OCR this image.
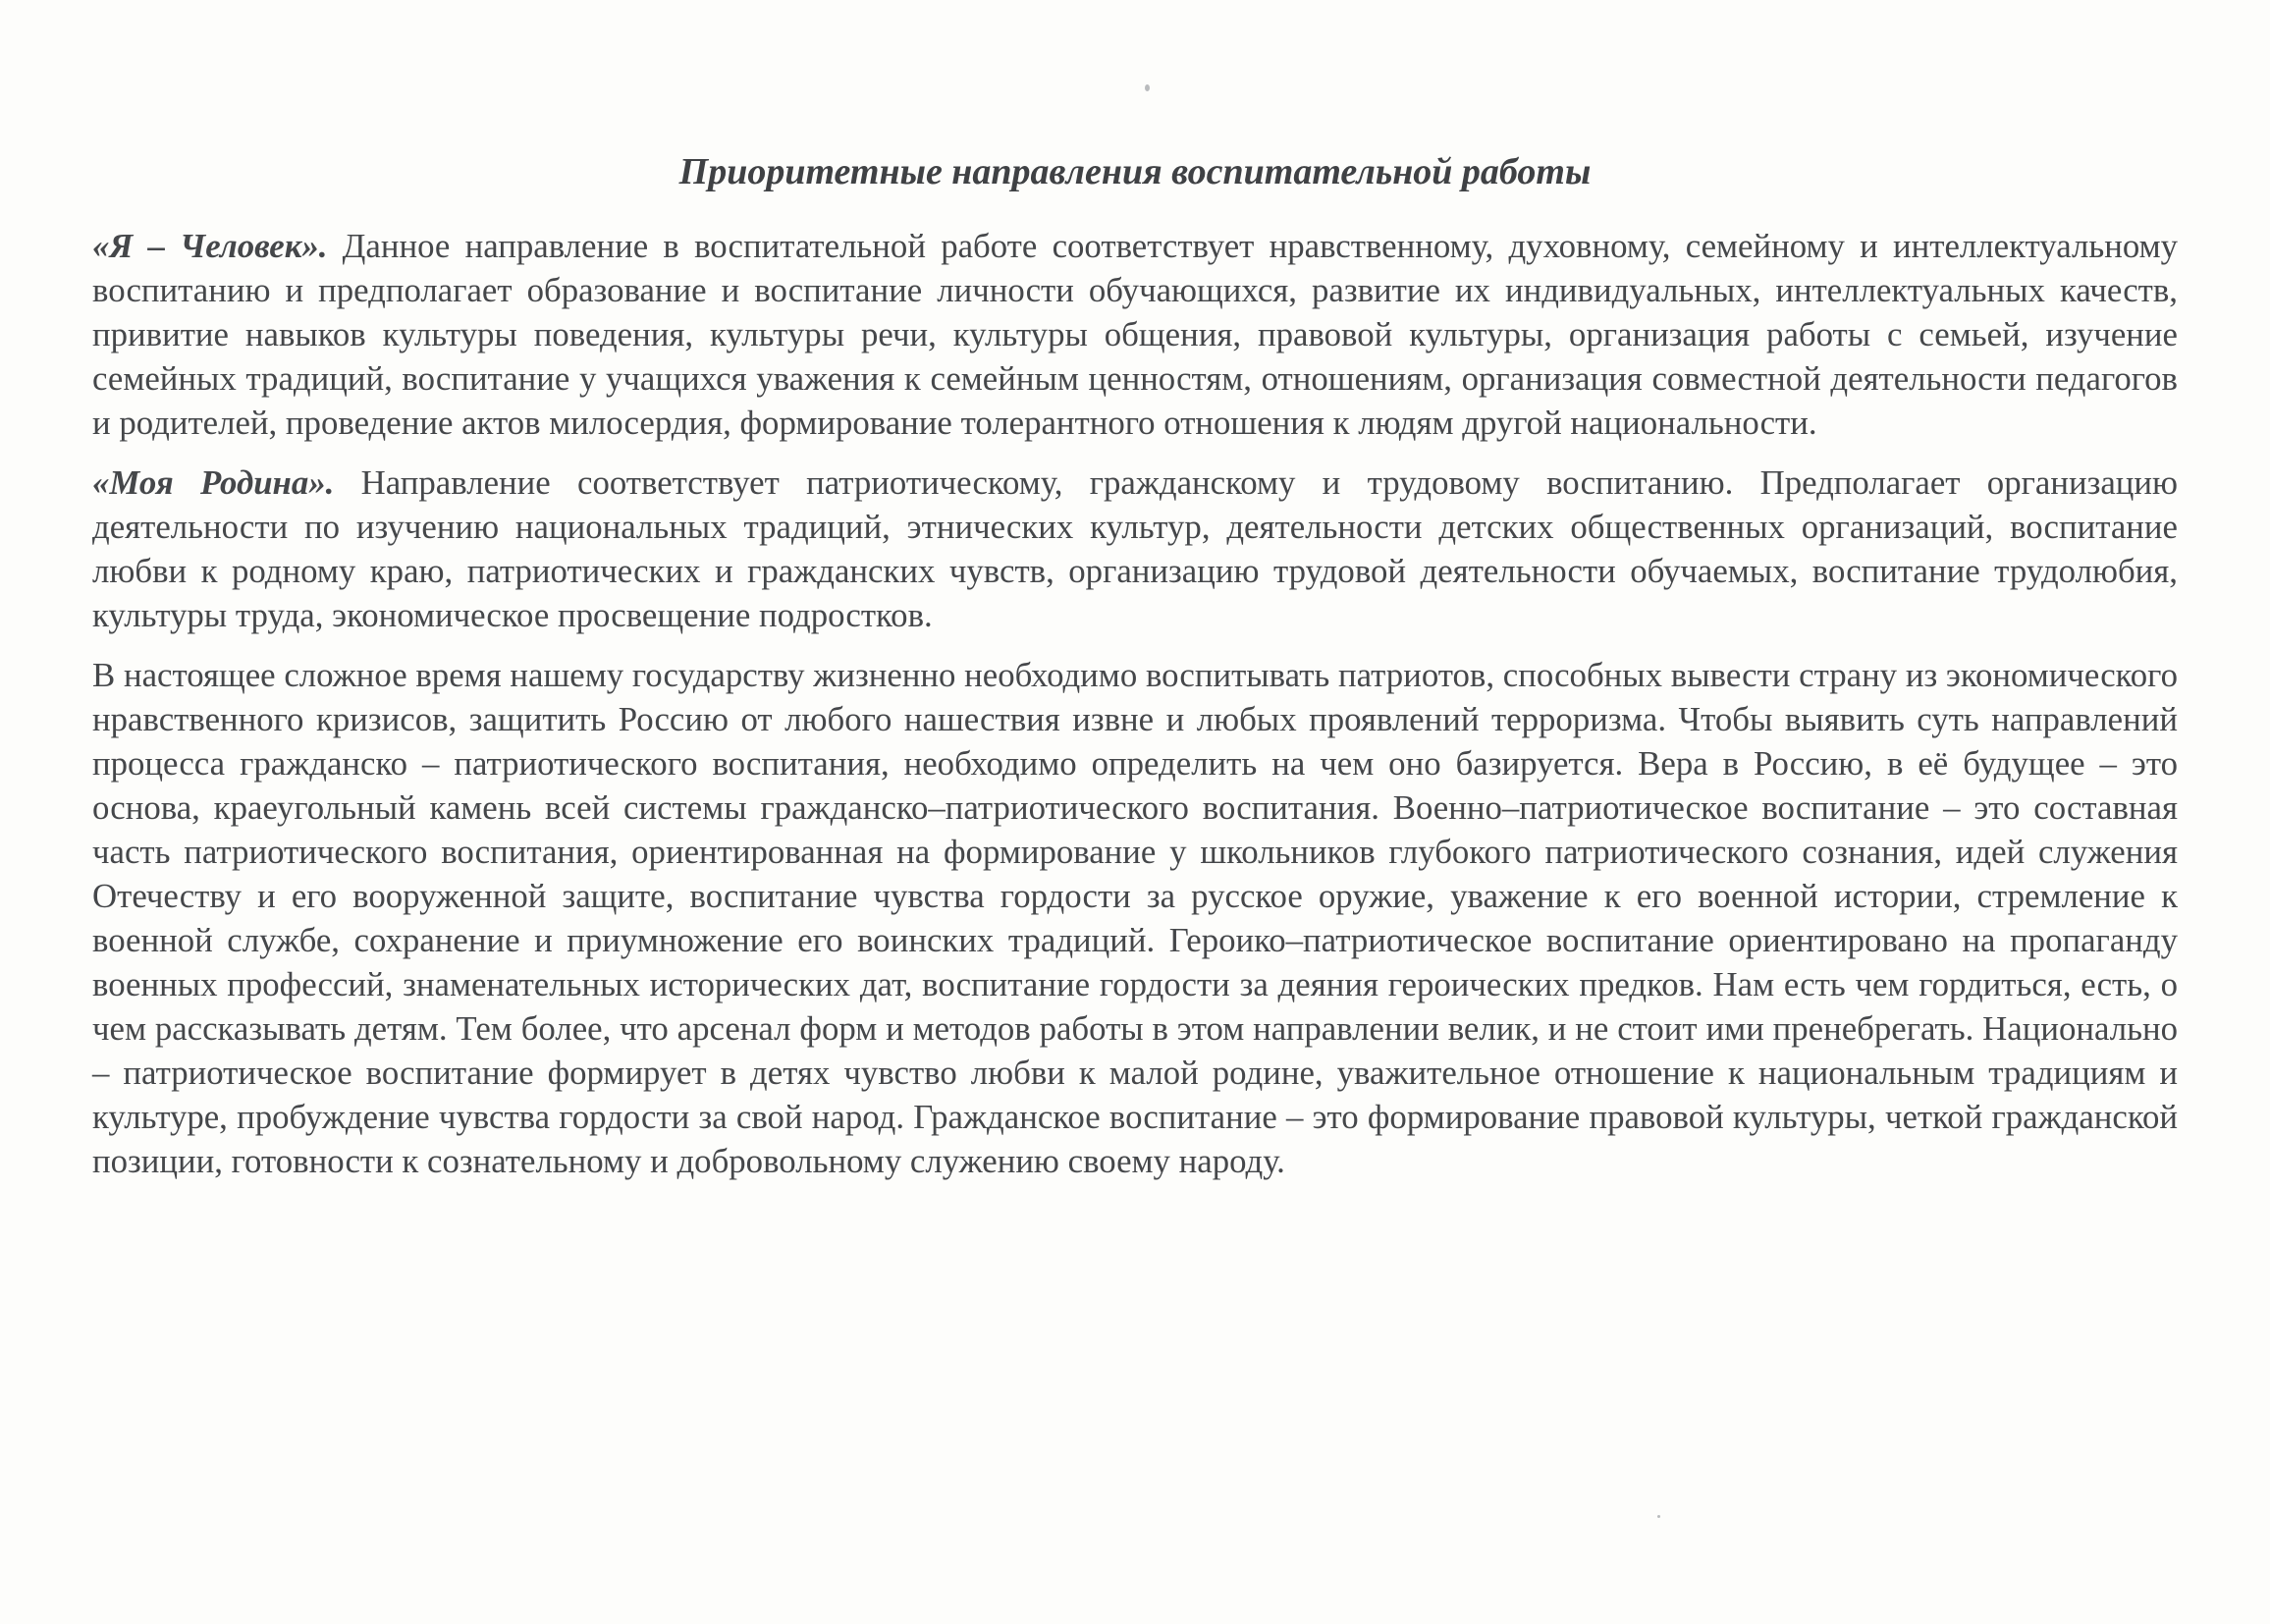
Приоритетные направления воспитательной работы

«Я – Человек». Данное направление в воспитательной работе соответствует нравственному, духовному, семейному и интеллектуальному воспитанию и предполагает образование и воспитание личности обучающихся, развитие их индивидуальных, интеллектуальных качеств, привитие навыков культуры поведения, культуры речи, культуры общения, правовой культуры, организация работы с семьей, изучение семейных традиций, воспитание у учащихся уважения к семейным ценностям, отношениям, организация совместной деятельности педагогов и родителей, проведение актов милосердия, формирование толерантного отношения к людям другой национальности.

«Моя Родина». Направление соответствует патриотическому, гражданскому и трудовому воспитанию. Предполагает организацию деятельности по изучению национальных традиций, этнических культур, деятельности детских общественных организаций, воспитание любви к родному краю, патриотических и гражданских чувств, организацию трудовой деятельности обучаемых, воспитание трудолюбия, культуры труда, экономическое просвещение подростков.

В настоящее сложное время нашему государству жизненно необходимо воспитывать патриотов, способных вывести страну из экономического нравственного кризисов, защитить Россию от любого нашествия извне и любых проявлений терроризма. Чтобы выявить суть направлений процесса гражданско – патриотического воспитания, необходимо определить на чем оно базируется. Вера в Россию, в её будущее – это основа, краеугольный камень всей системы гражданско–патриотического воспитания. Военно–патриотическое воспитание – это составная часть патриотического воспитания, ориентированная на формирование у школьников глубокого патриотического сознания, идей служения Отечеству и его вооруженной защите, воспитание чувства гордости за русское оружие, уважение к его военной истории, стремление к военной службе, сохранение и приумножение его воинских традиций. Героико–патриотическое воспитание ориентировано на пропаганду военных профессий, знаменательных исторических дат, воспитание гордости за деяния героических предков. Нам есть чем гордиться, есть, о чем рассказывать детям. Тем более, что арсенал форм и методов работы в этом направлении велик, и не стоит ими пренебрегать. Национально – патриотическое воспитание формирует в детях чувство любви к малой родине, уважительное отношение к национальным традициям и культуре, пробуждение чувства гордости за свой народ. Гражданское воспитание – это формирование правовой культуры, четкой гражданской позиции, готовности к сознательному и добровольному служению своему народу.
